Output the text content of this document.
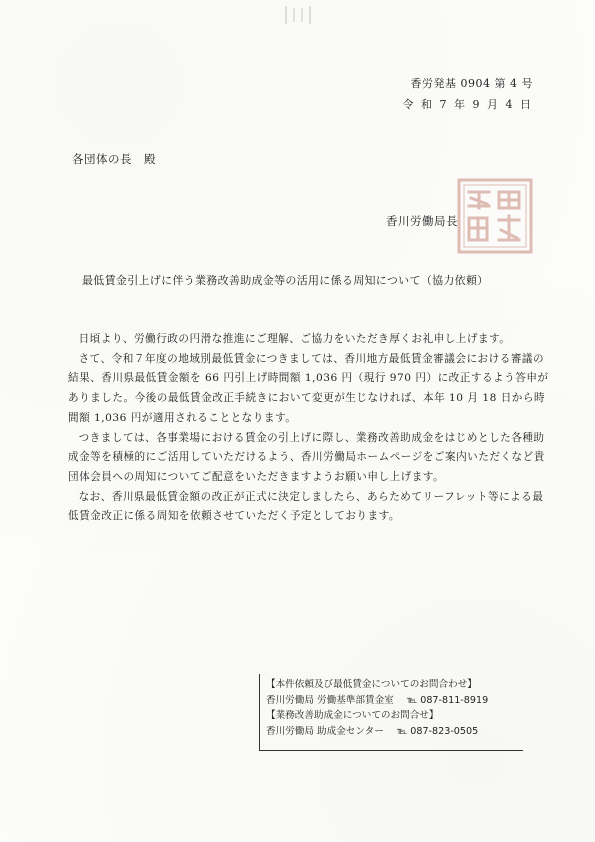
香労発基 0904 第 4 号
令 和 7 年 9 月 4 日
各団体の長　殿
香川労働局長
最低賃金引上げに伴う業務改善助成金等の活用に係る周知について（協力依頼）

日頃より、労働行政の円滑な推進にご理解、ご協力をいただき厚くお礼申し上げます。

さて、令和７年度の地域別最低賃金につきましては、香川地方最低賃金審議会における審議の結果、香川県最低賃金額を 66 円引上げ時間額 1,036 円（現行 970 円）に改正するよう答申がありました。今後の最低賃金改正手続きにおいて変更が生じなければ、本年 10 月 18 日から時間額 1,036 円が適用されることとなります。

つきましては、各事業場における賃金の引上げに際し、業務改善助成金をはじめとした各種助成金等を積極的にご活用していただけるよう、香川労働局ホームページをご案内いただくなど貴団体会員への周知についてご配意をいただきますようお願い申し上げます。

なお、香川県最低賃金額の改正が正式に決定しましたら、あらためてリーフレット等による最低賃金改正に係る周知を依頼させていただく予定としております。

【本件依頼及び最低賃金についてのお問合わせ】
香川労働局 労働基準部賃金室 ℡ 087-811-8919
【業務改善助成金についてのお問合せ】
香川労働局 助成金センター ℡ 087-823-0505
